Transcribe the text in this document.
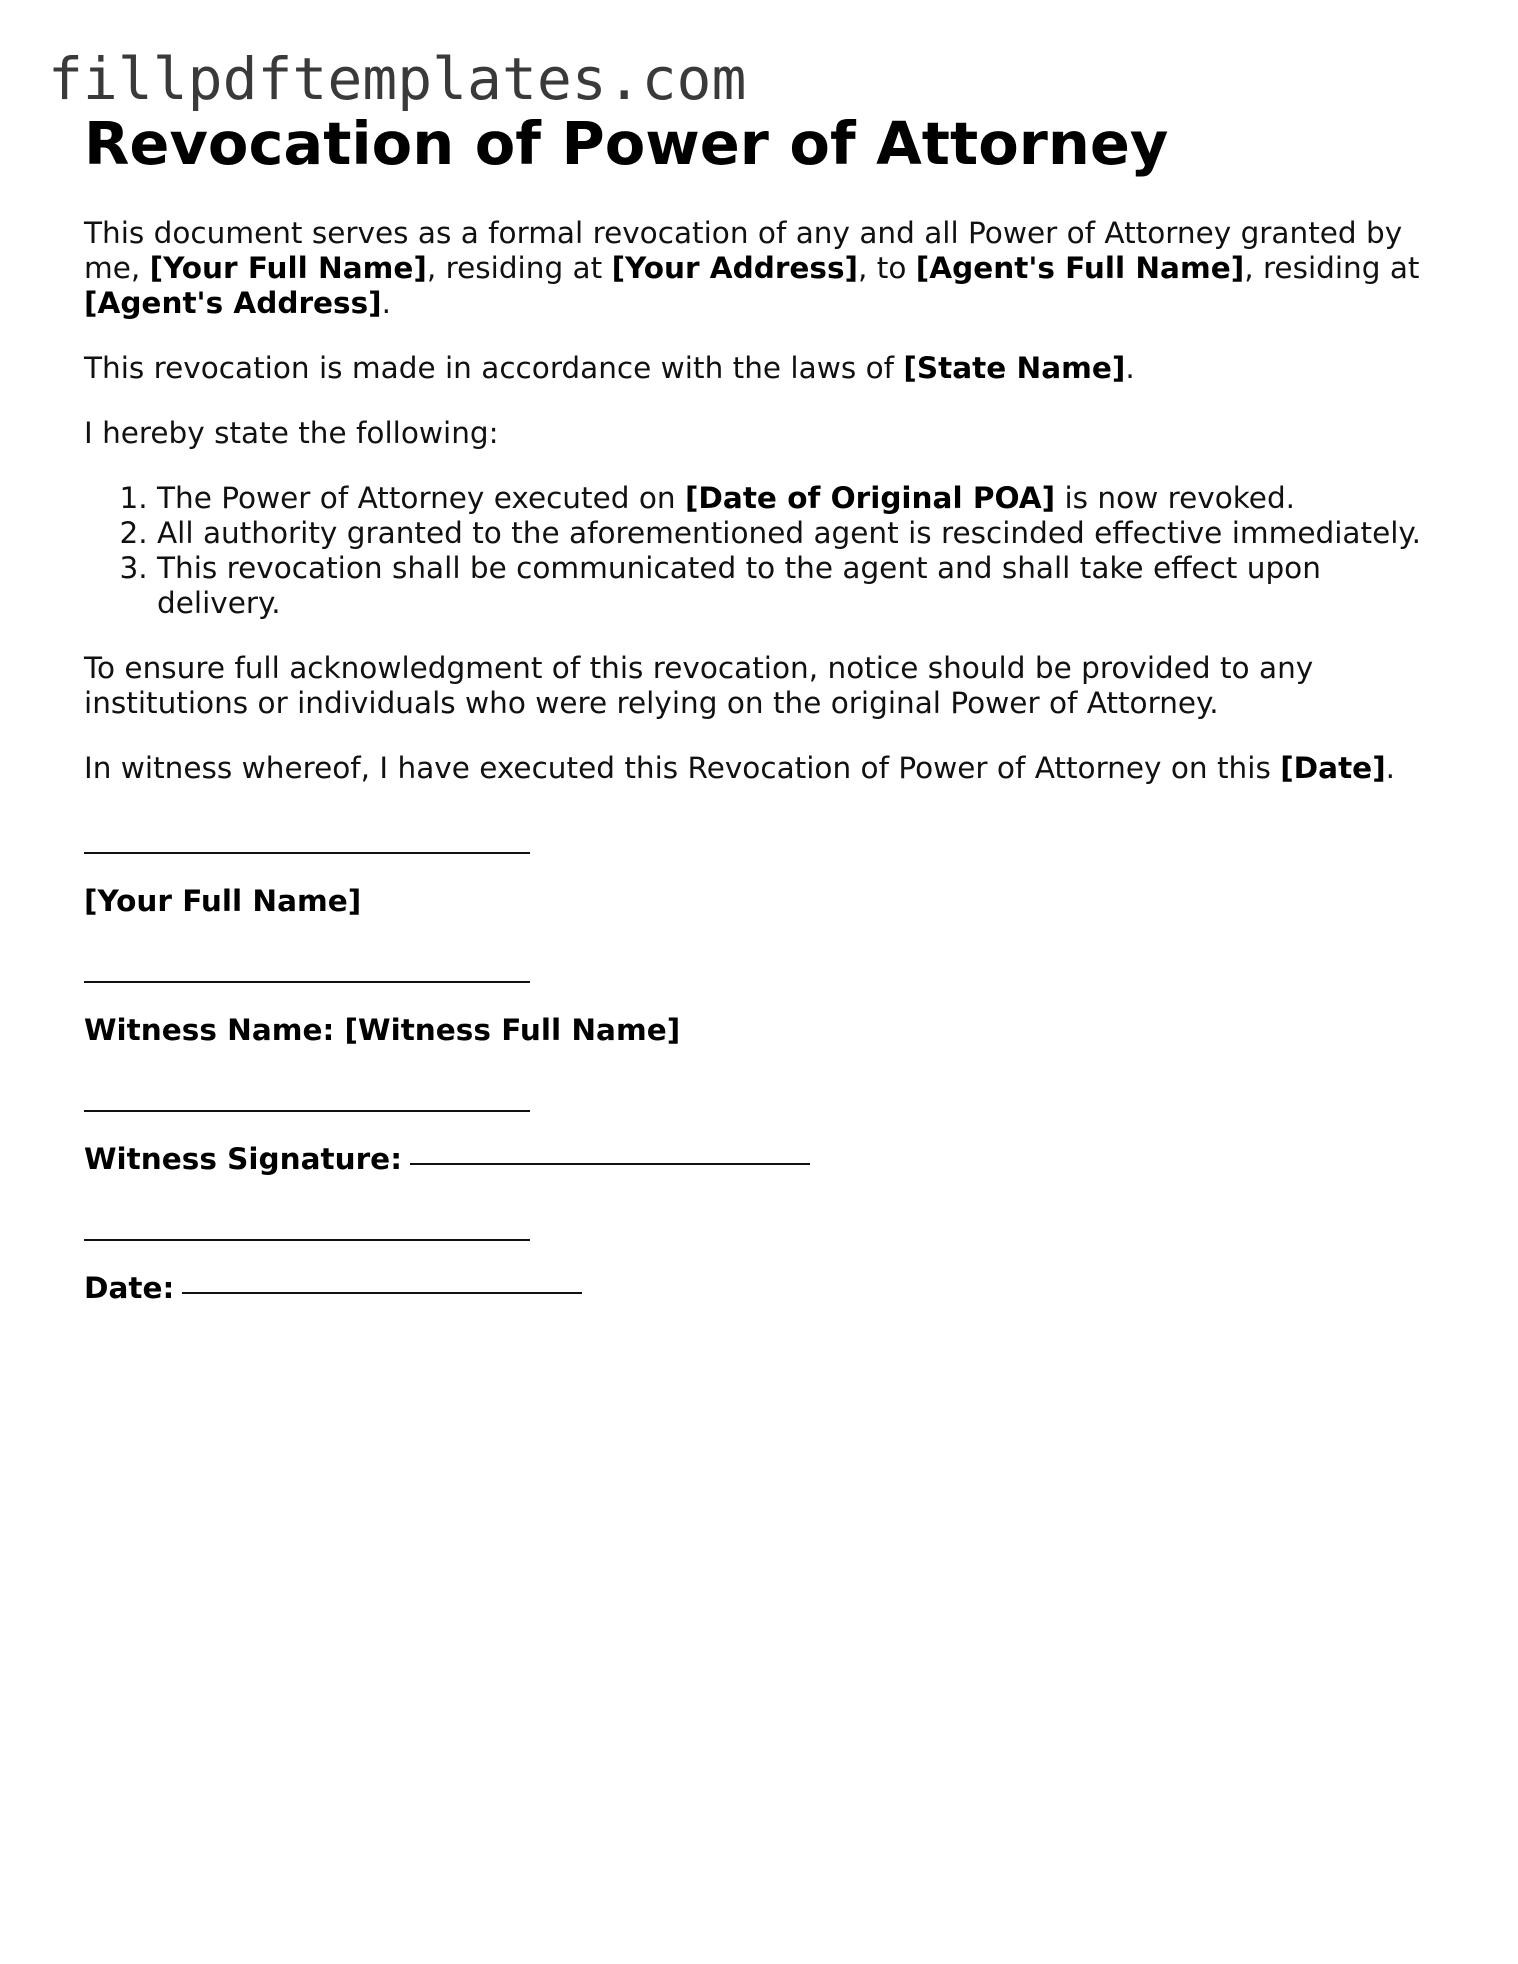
fillpdftemplates.com
Revocation of Power of Attorney

This document serves as a formal revocation of any and all Power of Attorney granted by me, [Your Full Name], residing at [Your Address], to [Agent's Full Name], residing at [Agent's Address].

This revocation is made in accordance with the laws of [State Name].

I hereby state the following:

1. The Power of Attorney executed on [Date of Original POA] is now revoked.
2. All authority granted to the aforementioned agent is rescinded effective immediately.
3. This revocation shall be communicated to the agent and shall take effect upon delivery.

To ensure full acknowledgment of this revocation, notice should be provided to any institutions or individuals who were relying on the original Power of Attorney.

In witness whereof, I have executed this Revocation of Power of Attorney on this [Date].

[Your Full Name]
Witness Name: [Witness Full Name]
Witness Signature:
Date:
